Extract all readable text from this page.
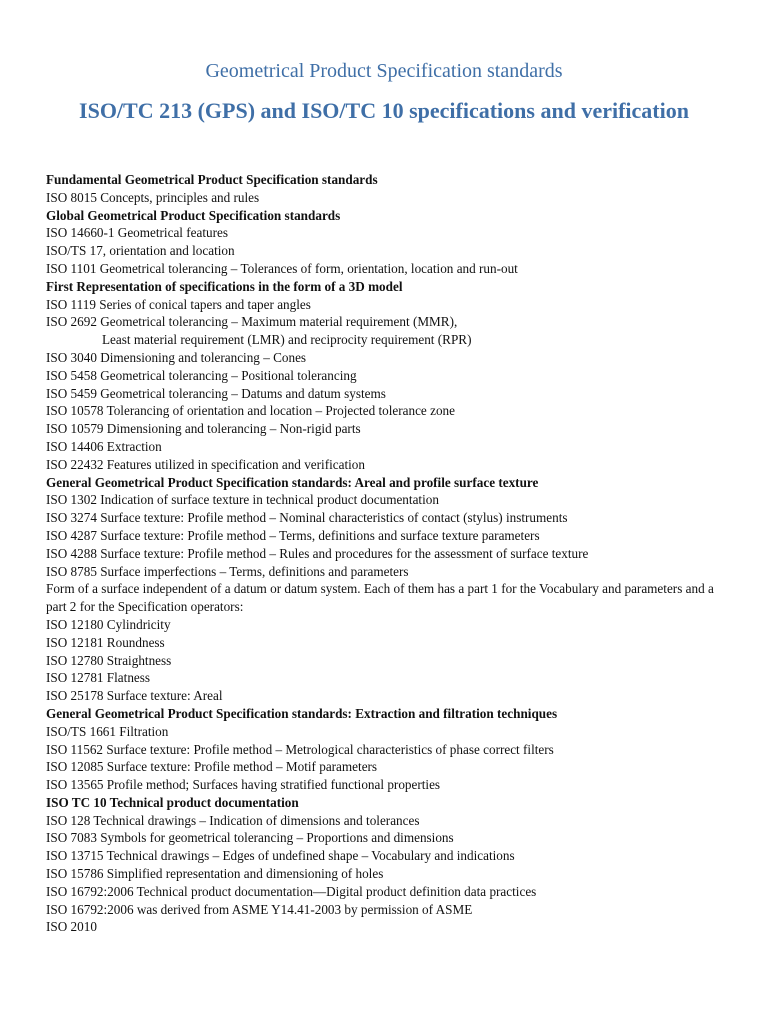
Geometrical Product Specification standards
ISO/TC 213 (GPS) and ISO/TC 10 specifications and verification
Fundamental Geometrical Product Specification standards
ISO 8015 Concepts, principles and rules
Global Geometrical Product Specification standards
ISO 14660-1 Geometrical features
ISO/TS 17, orientation and location
ISO 1101 Geometrical tolerancing – Tolerances of form, orientation, location and run-out
First Representation of specifications in the form of a 3D model
ISO 1119 Series of conical tapers and taper angles
ISO 2692 Geometrical tolerancing – Maximum material requirement (MMR),
Least material requirement (LMR) and reciprocity requirement (RPR)
ISO 3040 Dimensioning and tolerancing – Cones
ISO 5458 Geometrical tolerancing – Positional tolerancing
ISO 5459 Geometrical tolerancing – Datums and datum systems
ISO 10578 Tolerancing of orientation and location – Projected tolerance zone
ISO 10579 Dimensioning and tolerancing – Non-rigid parts
ISO 14406 Extraction
ISO 22432 Features utilized in specification and verification
General Geometrical Product Specification standards: Areal and profile surface texture
ISO 1302 Indication of surface texture in technical product documentation
ISO 3274 Surface texture: Profile method – Nominal characteristics of contact (stylus) instruments
ISO 4287 Surface texture: Profile method – Terms, definitions and surface texture parameters
ISO 4288 Surface texture: Profile method – Rules and procedures for the assessment of surface texture
ISO 8785 Surface imperfections – Terms, definitions and parameters
Form of a surface independent of a datum or datum system. Each of them has a part 1 for the Vocabulary and parameters and a part 2 for the Specification operators:
ISO 12180 Cylindricity
ISO 12181 Roundness
ISO 12780 Straightness
ISO 12781 Flatness
ISO 25178 Surface texture: Areal
General Geometrical Product Specification standards: Extraction and filtration techniques
ISO/TS 1661 Filtration
ISO 11562 Surface texture: Profile method – Metrological characteristics of phase correct filters
ISO 12085 Surface texture: Profile method – Motif parameters
ISO 13565 Profile method; Surfaces having stratified functional properties
ISO TC 10 Technical product documentation
ISO 128 Technical drawings – Indication of dimensions and tolerances
ISO 7083 Symbols for geometrical tolerancing – Proportions and dimensions
ISO 13715 Technical drawings – Edges of undefined shape – Vocabulary and indications
ISO 15786 Simplified representation and dimensioning of holes
ISO 16792:2006 Technical product documentation—Digital product definition data practices
ISO 16792:2006 was derived from ASME Y14.41-2003 by permission of ASME
ISO 2010
